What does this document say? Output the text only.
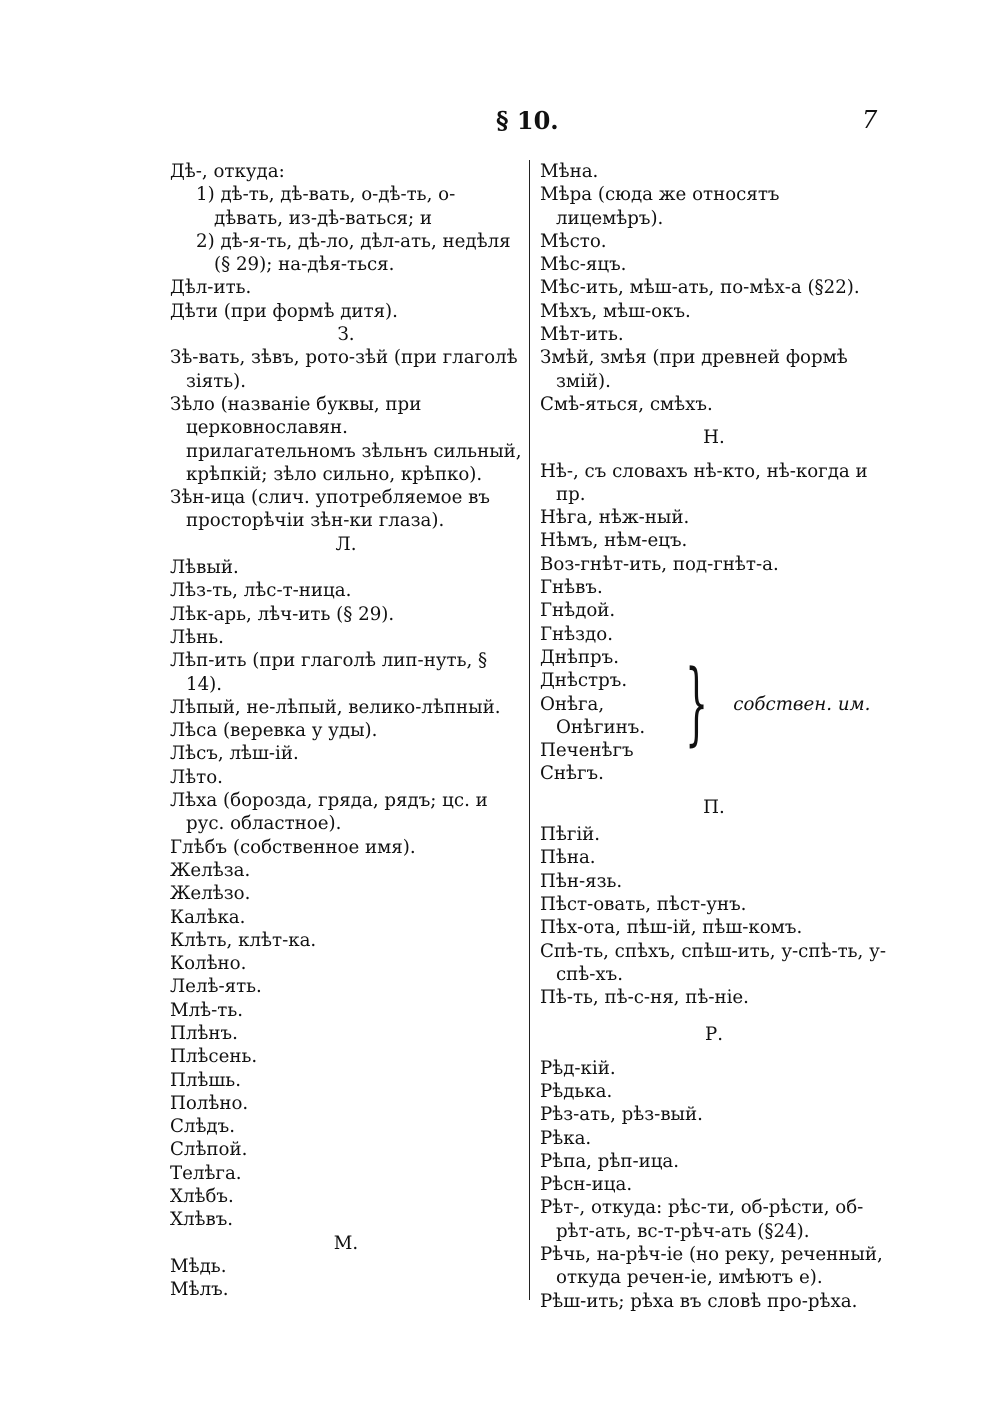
§ 10.	7

Дѣ-, откуда:

1) дѣ-ть, дѣ-вать, о-дѣ-ть, о-дѣвать, из-дѣ-ваться; и

2) дѣ-я-ть, дѣ-ло, дѣл-ать, недѣля (§ 29); на-дѣя-ться.

Дѣл-ить.

Дѣти (при формѣ дитя).

З.

Зѣ-вать, зѣвъ, рото-зѣй (при глаголѣ зiять).

Зѣло (названiе буквы, при церковнославян. прилагательномъ зѣльнъ сильный, крѣпкiй; зѣло сильно, крѣпко).

Зѣн-ица (слич. употребляемое въ просторѣчiи зѣн-ки глаза).

Л.

Лѣвый.

Лѣз-ть, лѣс-т-ница.

Лѣк-арь, лѣч-ить (§ 29).

Лѣнь.

Лѣп-ить (при глаголѣ лип-нуть, § 14).

Лѣпый, не-лѣпый, велико-лѣпный.

Лѣса (веревка у уды).

Лѣсъ, лѣш-iй.

Лѣто.

Лѣха (борозда, гряда, рядъ; цс. и рус. областное).

Глѣбъ (собственное имя).

Желѣза.

Желѣзо.

Калѣка.

Клѣть, клѣт-ка.

Колѣно.

Лелѣ-ять.

Млѣ-ть.

Плѣнъ.

Плѣсень.

Плѣшь.

Полѣно.

Слѣдъ.

Слѣпой.

Телѣга.

Хлѣбъ.

Хлѣвъ.

М.

Мѣдь.

Мѣлъ.

Мѣна.

Мѣра (сюда же относятъ лицемѣръ).

Мѣсто.

Мѣс-яцъ.

Мѣс-ить, мѣш-ать, по-мѣх-а (§22).

Мѣхъ, мѣш-окъ.

Мѣт-ить.

Змѣй, змѣя (при древней формѣ змiй).

Смѣ-яться, смѣхъ.

Н.

Нѣ-, съ словахъ нѣ-кто, нѣ-когда и пр.

Нѣга, нѣж-ный.

Нѣмъ, нѣм-ецъ.

Воз-гнѣт-ить, под-гнѣт-а.

Гнѣвъ.

Гнѣдой.

Гнѣздо.

Днѣпръ.

Днѣстръ.

Онѣга, Онѣгинъ.

Печенѣгъ } собствен. им.

Снѣгъ.

П.

Пѣгiй.

Пѣна.

Пѣн-язь.

Пѣст-овать, пѣст-унъ.

Пѣх-ота, пѣш-iй, пѣш-комъ.

Спѣ-ть, спѣхъ, спѣш-ить, у-спѣ-ть, у-спѣ-хъ.

Пѣ-ть, пѣ-с-ня, пѣ-нiе.

Р.

Рѣд-кiй.

Рѣдька.

Рѣз-ать, рѣз-вый.

Рѣка.

Рѣпа, рѣп-ица.

Рѣсн-ица.

Рѣт-, откуда: рѣс-ти, об-рѣсти, об-рѣт-ать, вс-т-рѣч-ать (§24).

Рѣчь, на-рѣч-iе (но реку, реченный, откуда речен-iе, имѣютъ е).

Рѣш-ить; рѣха въ словѣ про-рѣха.
